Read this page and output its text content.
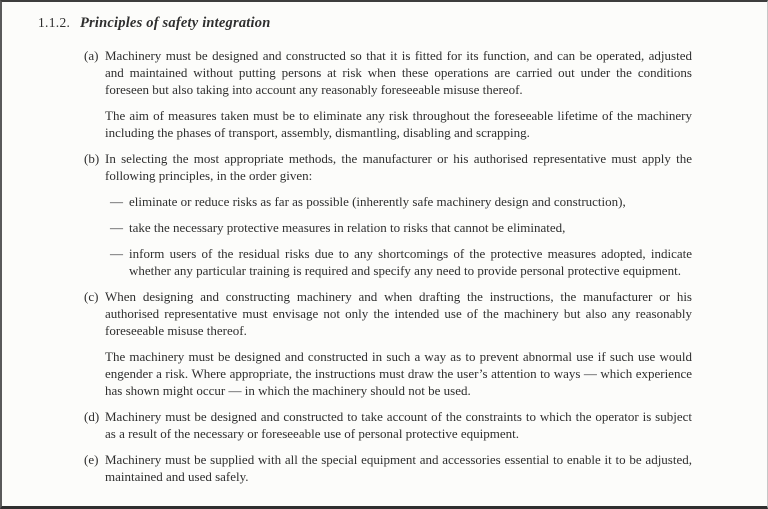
1.1.2. Principles of safety integration
(a) Machinery must be designed and constructed so that it is fitted for its function, and can be operated, adjusted and maintained without putting persons at risk when these operations are carried out under the conditions foreseen but also taking into account any reasonably foreseeable misuse thereof.

The aim of measures taken must be to eliminate any risk throughout the foreseeable lifetime of the machinery including the phases of transport, assembly, dismantling, disabling and scrapping.

(b) In selecting the most appropriate methods, the manufacturer or his authorised representative must apply the following principles, in the order given:

— eliminate or reduce risks as far as possible (inherently safe machinery design and construction),
— take the necessary protective measures in relation to risks that cannot be eliminated,
— inform users of the residual risks due to any shortcomings of the protective measures adopted, indicate whether any particular training is required and specify any need to provide personal protective equipment.
(c) When designing and constructing machinery and when drafting the instructions, the manufacturer or his authorised representative must envisage not only the intended use of the machinery but also any reasonably foreseeable misuse thereof.

The machinery must be designed and constructed in such a way as to prevent abnormal use if such use would engender a risk. Where appropriate, the instructions must draw the user’s attention to ways — which experience has shown might occur — in which the machinery should not be used.

(d) Machinery must be designed and constructed to take account of the constraints to which the operator is subject as a result of the necessary or foreseeable use of personal protective equipment.

(e) Machinery must be supplied with all the special equipment and accessories essential to enable it to be adjusted, maintained and used safely.
